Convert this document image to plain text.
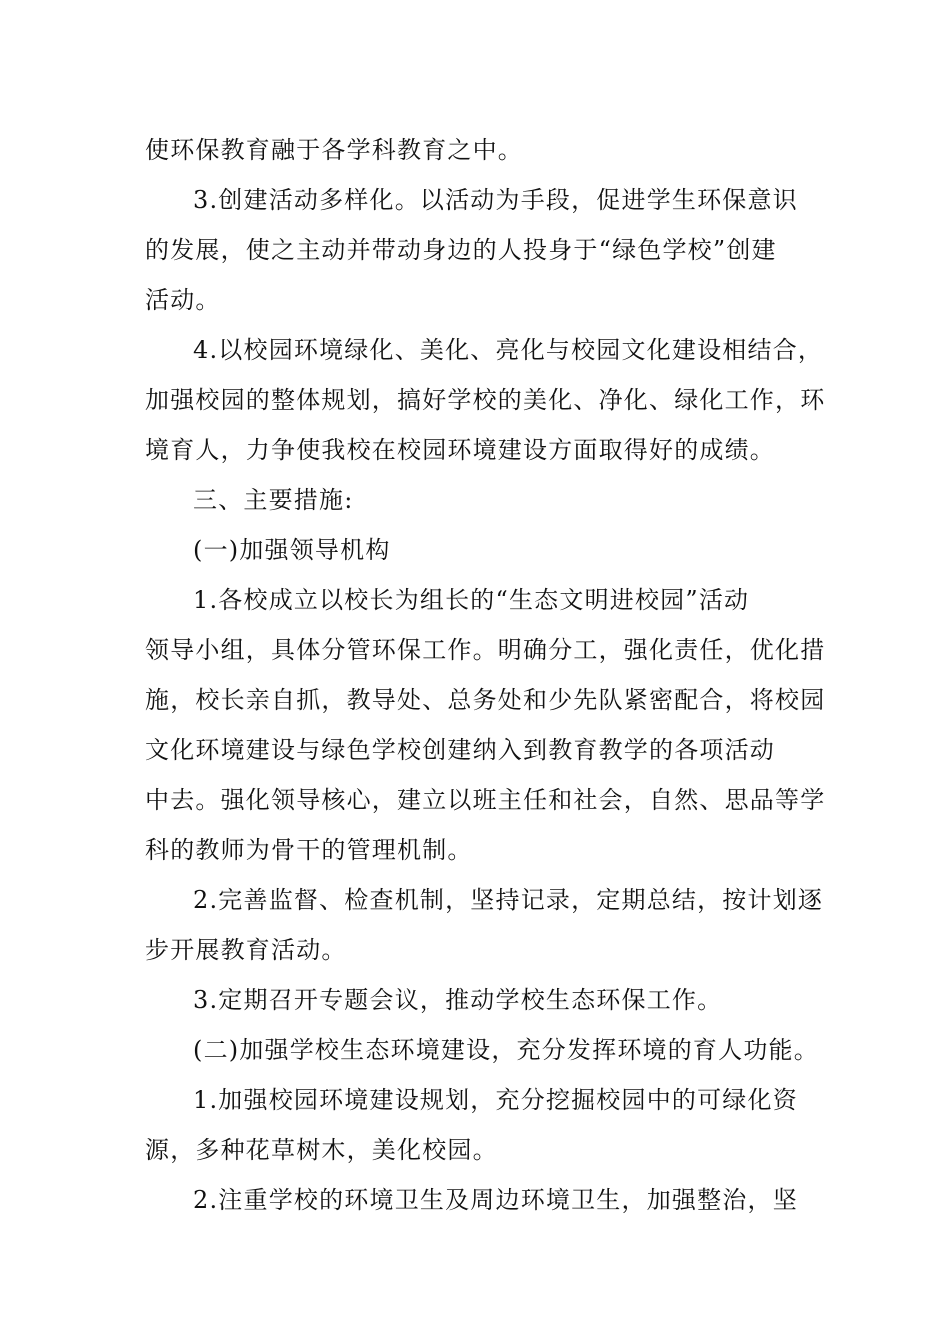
使环保教育融于各学科教育之中。
3.创建活动多样化。以活动为手段，促进学生环保意识
的发展，使之主动并带动身边的人投身于“绿色学校”创建
活动。
4.以校园环境绿化、美化、亮化与校园文化建设相结合，
加强校园的整体规划，搞好学校的美化、净化、绿化工作，环
境育人，力争使我校在校园环境建设方面取得好的成绩。
三、主要措施:
(一)加强领导机构
1.各校成立以校长为组长的“生态文明进校园”活动
领导小组，具体分管环保工作。明确分工，强化责任，优化措
施，校长亲自抓，教导处、总务处和少先队紧密配合，将校园
文化环境建设与绿色学校创建纳入到教育教学的各项活动
中去。强化领导核心，建立以班主任和社会，自然、思品等学
科的教师为骨干的管理机制。
2.完善监督、检查机制，坚持记录，定期总结，按计划逐
步开展教育活动。
3.定期召开专题会议，推动学校生态环保工作。
(二)加强学校生态环境建设，充分发挥环境的育人功能。
1.加强校园环境建设规划，充分挖掘校园中的可绿化资
源，多种花草树木，美化校园。
2.注重学校的环境卫生及周边环境卫生，加强整治，坚
